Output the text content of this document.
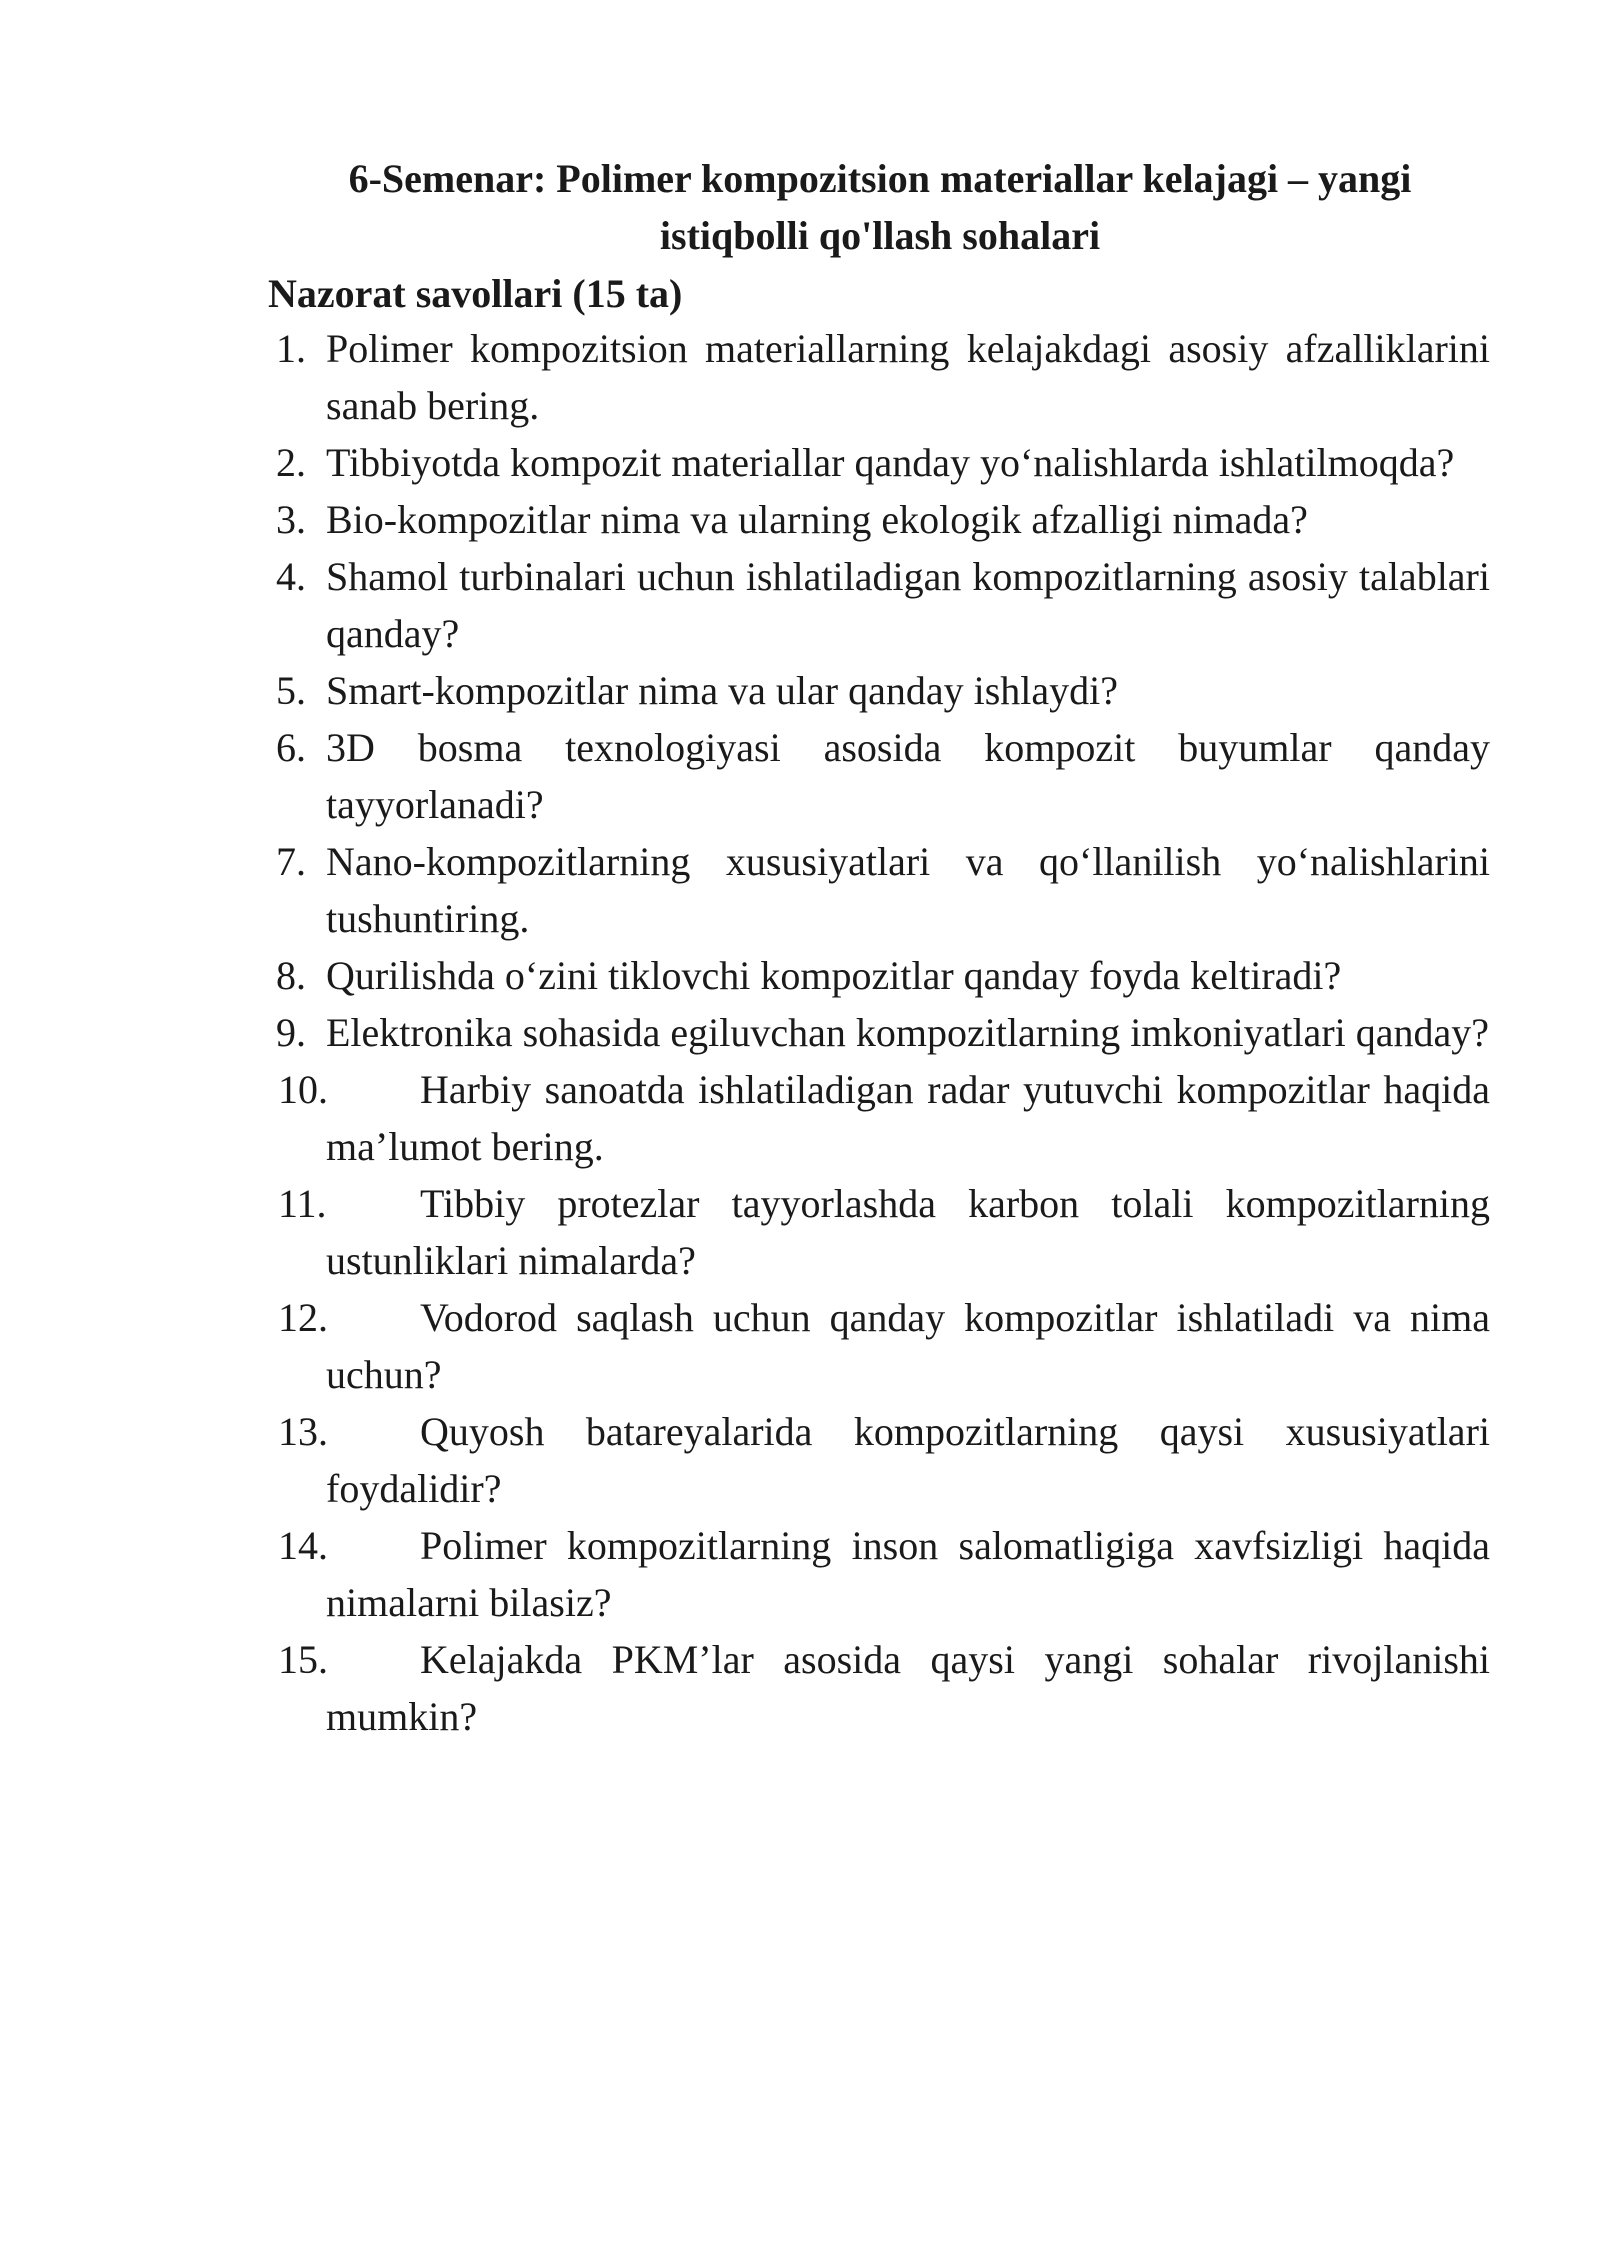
6-Semenar: Polimer kompozitsion materiallar kelajagi – yangi istiqbolli qo'llash sohalari
Nazorat savollari (15 ta)
1. Polimer kompozitsion materiallarning kelajakdagi asosiy afzalliklarini sanab bering.
2. Tibbiyotda kompozit materiallar qanday yo‘nalishlarda ishlatilmoqda?
3. Bio-kompozitlar nima va ularning ekologik afzalligi nimada?
4. Shamol turbinalari uchun ishlatiladigan kompozitlarning asosiy talablari qanday?
5. Smart-kompozitlar nima va ular qanday ishlaydi?
6. 3D bosma texnologiyasi asosida kompozit buyumlar qanday tayyorlanadi?
7. Nano-kompozitlarning xususiyatlari va qo‘llanilish yo‘nalishlarini tushuntiring.
8. Qurilishda o‘zini tiklovchi kompozitlar qanday foyda keltiradi?
9. Elektronika sohasida egiluvchan kompozitlarning imkoniyatlari qanday?
10. Harbiy sanoatda ishlatiladigan radar yutuvchi kompozitlar haqida ma’lumot bering.
11. Tibbiy protezlar tayyorlashda karbon tolali kompozitlarning ustunliklari nimalarda?
12. Vodorod saqlash uchun qanday kompozitlar ishlatiladi va nima uchun?
13. Quyosh batareyalarida kompozitlarning qaysi xususiyatlari foydalidir?
14. Polimer kompozitlarning inson salomatligiga xavfsizligi haqida nimalarni bilasiz?
15. Kelajakda PKM’lar asosida qaysi yangi sohalar rivojlanishi mumkin?
